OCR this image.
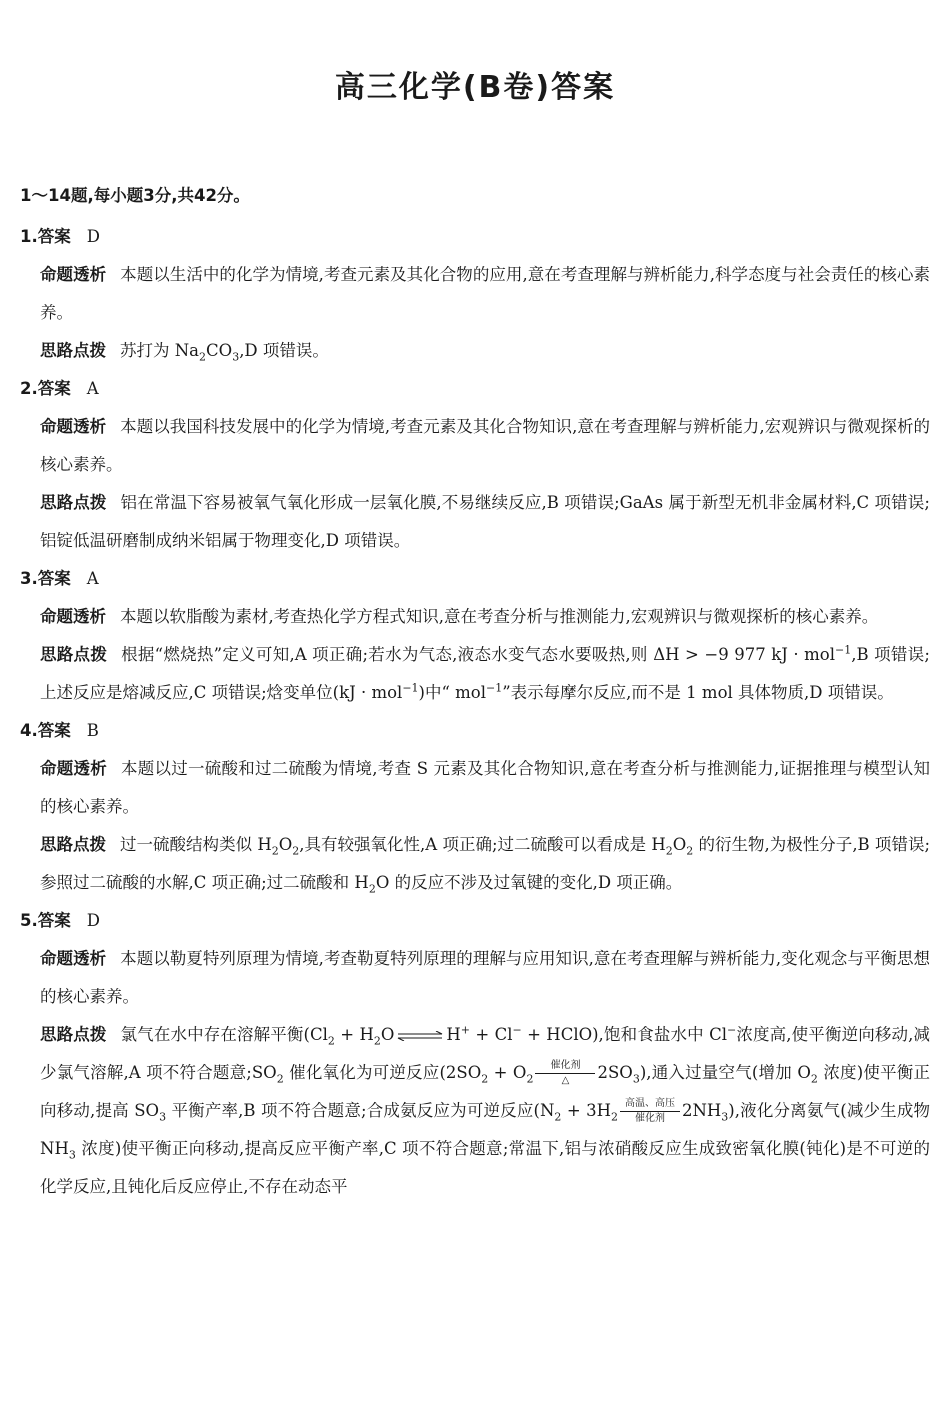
高三化学(B卷)答案
1～14题,每小题3分,共42分。

1.答案 D

命题透析 本题以生活中的化学为情境,考查元素及其化合物的应用,意在考查理解与辨析能力,科学态度与社会责任的核心素养。

思路点拨 苏打为 $Na_2CO_3,D$ 项错误。

2.答案 A

命题透析 本题以我国科技发展中的化学为情境,考查元素及其化合物知识,意在考查理解与辨析能力,宏观辨识与微观探析的核心素养。

思路点拨 铝在常温下容易被氧气氧化形成一层氧化膜,不易继续反应,B 项错误;GaAs 属于新型无机非金属材料,C 项错误;铝锭低温研磨制成纳米铝属于物理变化,D 项错误。

3.答案 A

命题透析 本题以软脂酸为素材,考查热化学方程式知识,意在考查分析与推测能力,宏观辨识与微观探析的核心素养。

思路点拨 根据“燃烧热”定义可知,A 项正确;若水为气态,液态水变气态水要吸热,则 ΔH > −9 977 kJ · mol$^{-1}$,B 项错误;上述反应是熔减反应,C 项错误;焓变单位(kJ · mol$^{-1}$)中“ mol$^{-1}$”表示每摩尔反应,而不是 1 mol 具体物质,D 项错误。

4.答案 B

命题透析 本题以过一硫酸和过二硫酸为情境,考查 S 元素及其化合物知识,意在考查分析与推测能力,证据推理与模型认知的核心素养。

思路点拨 过一硫酸结构类似 $H_2O_2$,具有较强氧化性,A 项正确;过二硫酸可以看成是 $H_2O_2$ 的衍生物,为极性分子,B 项错误;参照过二硫酸的水解,C 项正确;过二硫酸和 $H_2O$ 的反应不涉及过氧键的变化,D 项正确。

5.答案 D

命题透析 本题以勒夏特列原理为情境,考查勒夏特列原理的理解与应用知识,意在考查理解与辨析能力,变化观念与平衡思想的核心素养。

思路点拨 氯气在水中存在溶解平衡($Cl_2 + H_2O$ ⇌ H+ + Cl− + HClO),饱和食盐水中 Cl−浓度高,使平衡逆向移动,减少氯气溶解,A 项不符合题意$;SO_2$ 催化氧化为可逆反应($2SO_2 + O_2$催化剂
△ $2SO_3$),通入过量空气(增加 $O_2$ 浓度)使平衡正向移动,提高 $SO_3$ 平衡产率,B 项不符合题意;合成氨反应为可逆反应($N_2 + 3H_2$高温、高压
催化剂 $2NH_3$),液化分离氨气(减少生成物 $NH_3$ 浓度)使平衡正向移动,提高反应平衡产率,C 项不符合题意;常温下,铝与浓硝酸反应生成致密氧化膜(钝化)是不可逆的化学反应,且钝化后反应停止,不存在动态平
